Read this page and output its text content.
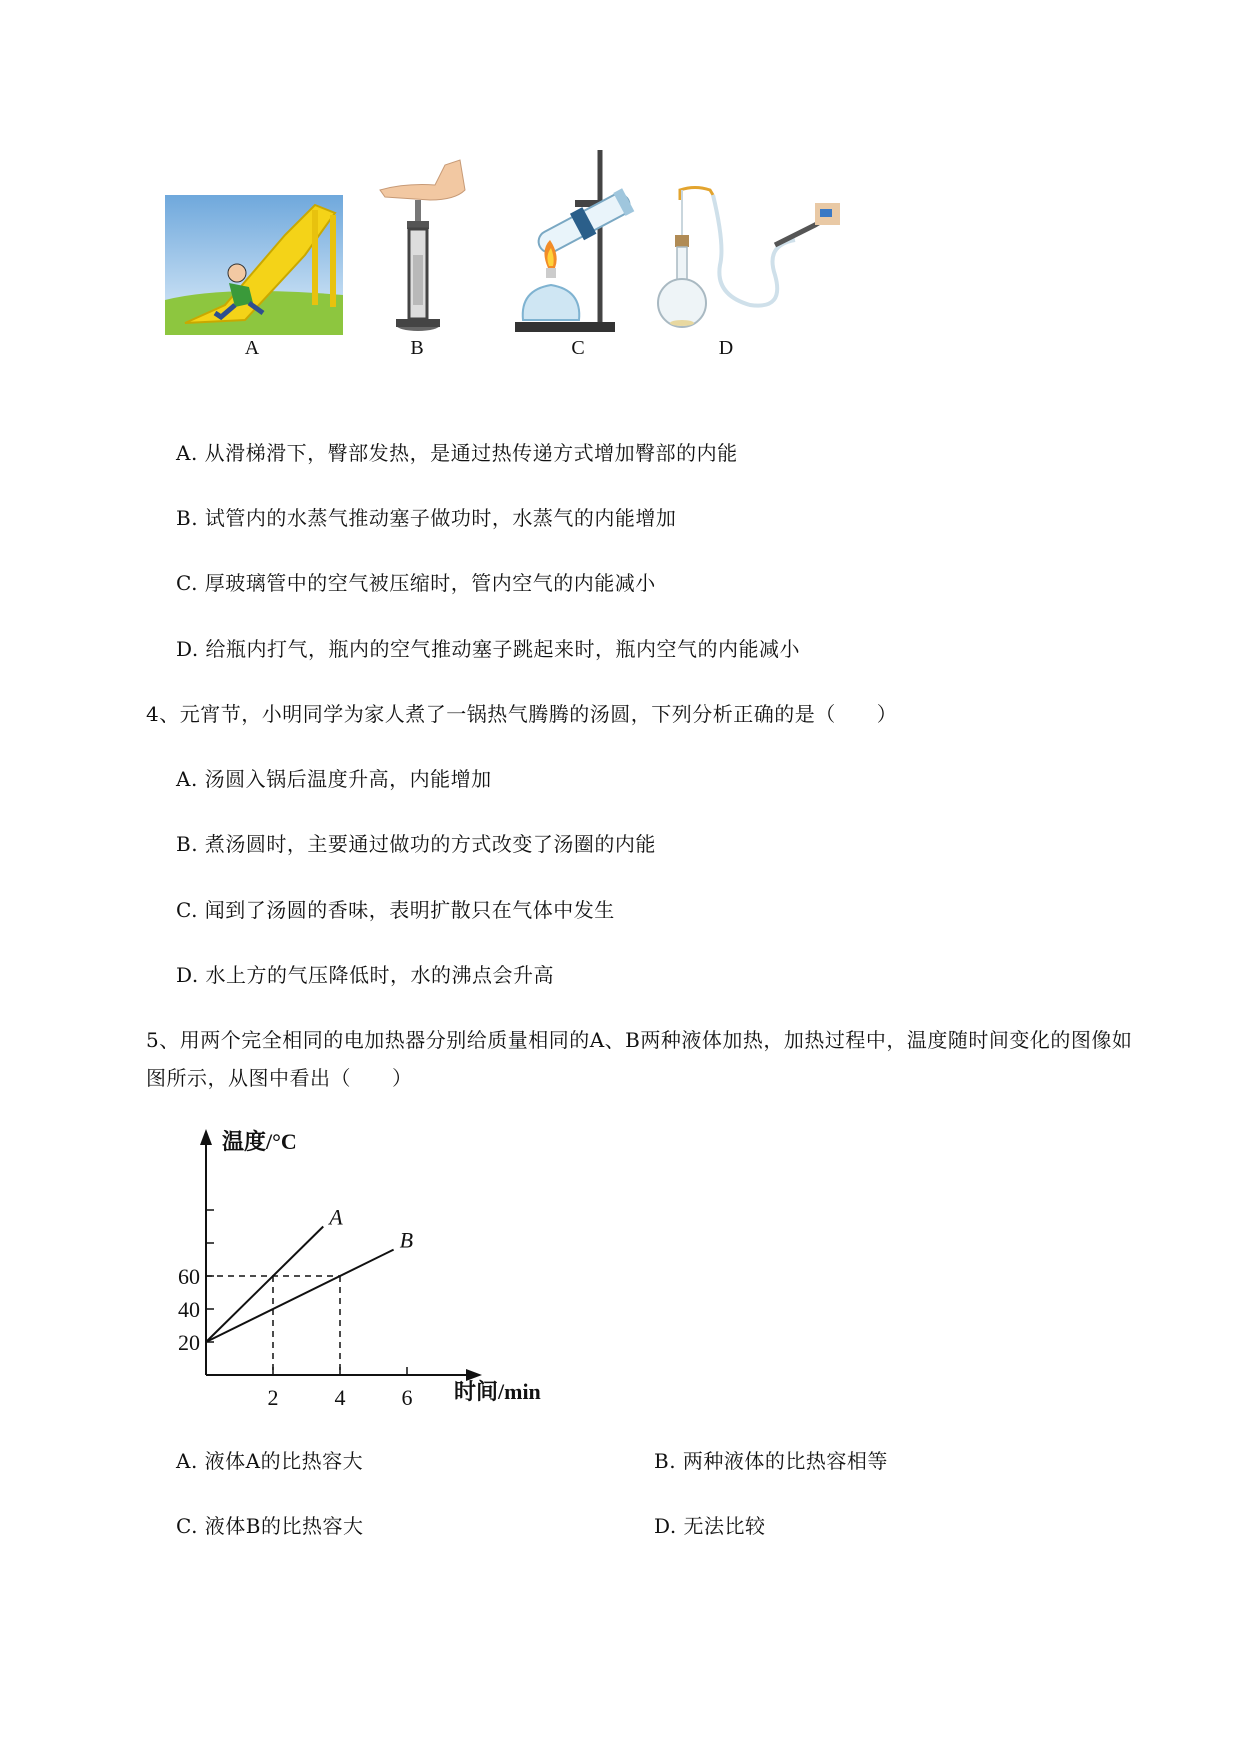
A	B	C	D
A. 从滑梯滑下，臀部发热，是通过热传递方式增加臀部的内能
B. 试管内的水蒸气推动塞子做功时，水蒸气的内能增加
C. 厚玻璃管中的空气被压缩时，管内空气的内能减小
D. 给瓶内打气，瓶内的空气推动塞子跳起来时，瓶内空气的内能减小
4、元宵节，小明同学为家人煮了一锅热气腾腾的汤圆，下列分析正确的是（　　）
A. 汤圆入锅后温度升高，内能增加
B. 煮汤圆时，主要通过做功的方式改变了汤圈的内能
C. 闻到了汤圆的香味，表明扩散只在气体中发生
D. 水上方的气压降低时，水的沸点会升高
5、用两个完全相同的电加热器分别给质量相同的A、B两种液体加热，加热过程中，温度随时间变化的图像如图所示，从图中看出（　　）
温度/°C
时间/min
20
40
60
2	4	6
A
B
A. 液体A的比热容大	B. 两种液体的比热容相等
C. 液体B的比热容大	D. 无法比较
